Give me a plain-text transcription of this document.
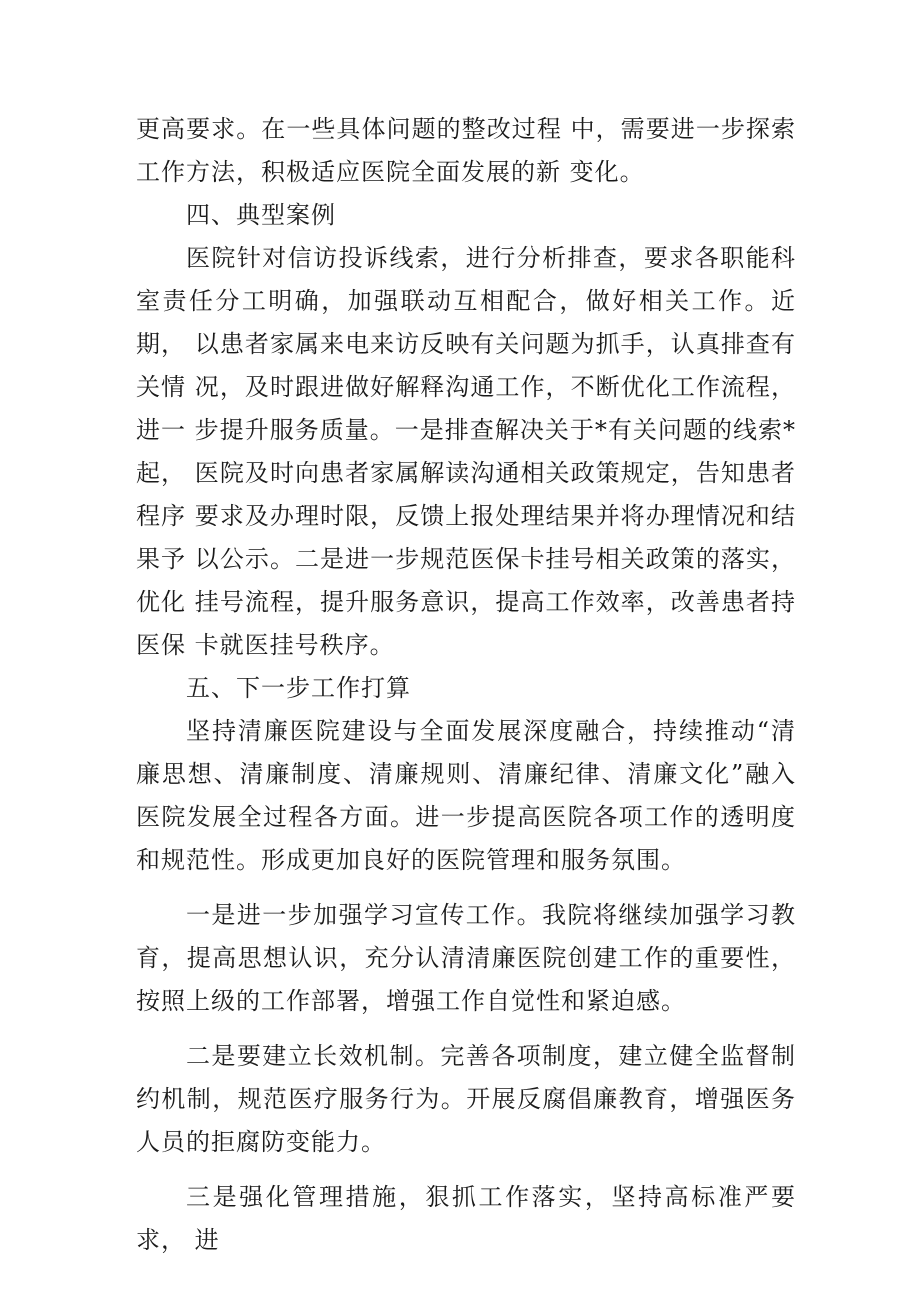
更高要求。在一些具体问题的整改过程 中，需要进一步探索工作方法，积极适应医院全面发展的新 变化。

四、典型案例

医院针对信访投诉线索，进行分析排查，要求各职能科 室责任分工明确，加强联动互相配合，做好相关工作。近期， 以患者家属来电来访反映有关问题为抓手，认真排查有关情 况，及时跟进做好解释沟通工作，不断优化工作流程，进一 步提升服务质量。一是排查解决关于*有关问题的线索*起， 医院及时向患者家属解读沟通相关政策规定，告知患者程序 要求及办理时限，反馈上报处理结果并将办理情况和结果予 以公示。二是进一步规范医保卡挂号相关政策的落实，优化 挂号流程，提升服务意识，提高工作效率，改善患者持医保 卡就医挂号秩序。

五、下一步工作打算

坚持清廉医院建设与全面发展深度融合，持续推动“清 廉思想、清廉制度、清廉规则、清廉纪律、清廉文化”融入 医院发展全过程各方面。进一步提高医院各项工作的透明度 和规范性。形成更加良好的医院管理和服务氛围。

一是进一步加强学习宣传工作。我院将继续加强学习教 育，提高思想认识，充分认清清廉医院创建工作的重要性， 按照上级的工作部署，增强工作自觉性和紧迫感。

二是要建立长效机制。完善各项制度，建立健全监督制 约机制，规范医疗服务行为。开展反腐倡廉教育，增强医务 人员的拒腐防变能力。

三是强化管理措施，狠抓工作落实，坚持高标准严要求， 进
